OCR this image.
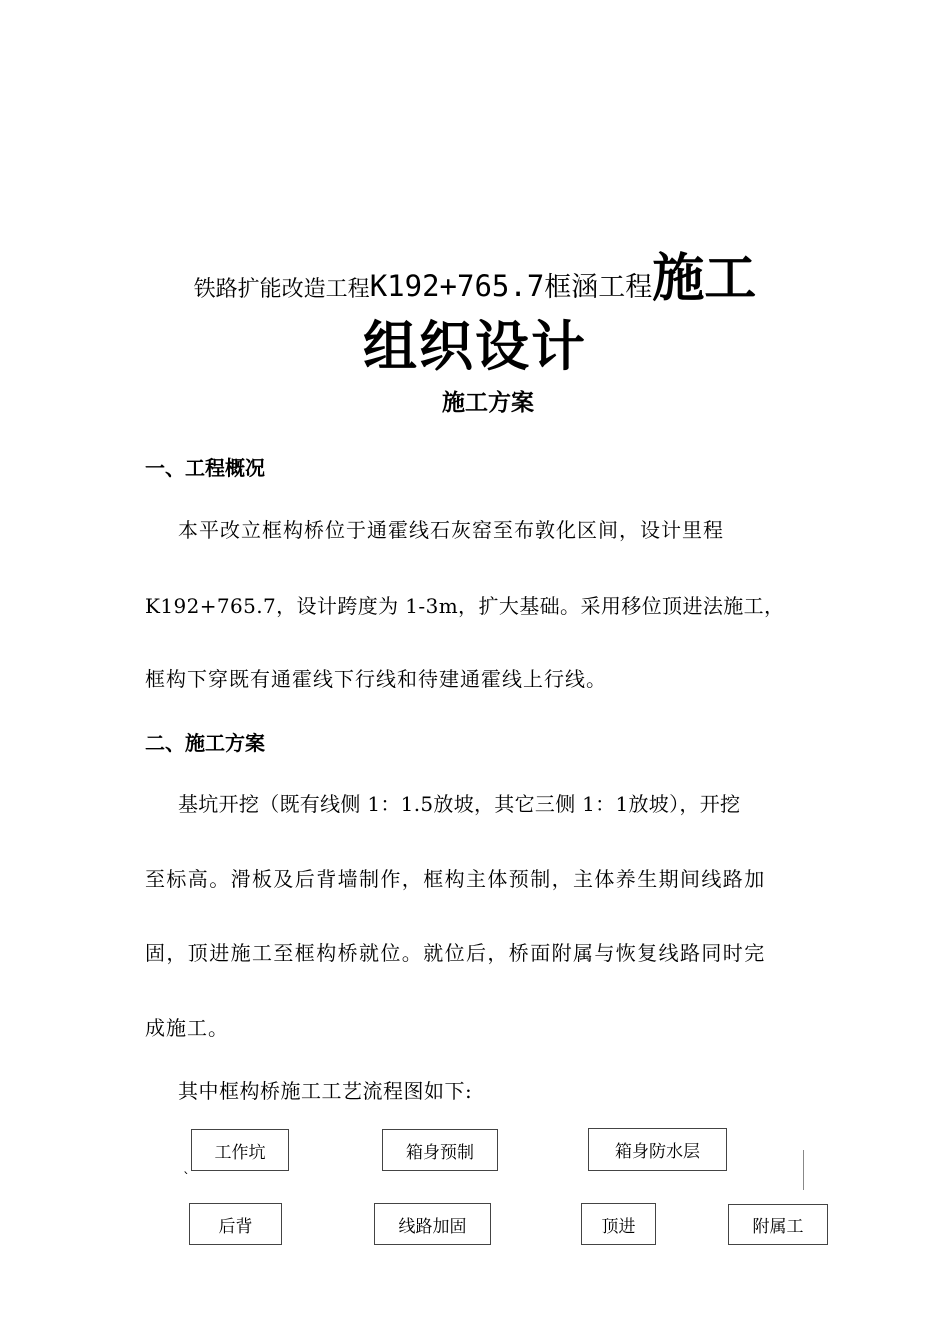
铁路扩能改造工程K192+765.7框涵工程施工
组织设计
施工方案
一、工程概况
本平改立框构桥位于通霍线石灰窑至布敦化区间，设计里程
K192+765.7，设计跨度为 1-3m，扩大基础。采用移位顶进法施工，
框构下穿既有通霍线下行线和待建通霍线上行线。
二、施工方案
基坑开挖（既有线侧 1：1.5放坡，其它三侧 1：1放坡），开挖
至标高。滑板及后背墙制作，框构主体预制，主体养生期间线路加
固，顶进施工至框构桥就位。就位后，桥面附属与恢复线路同时完
成施工。
其中框构桥施工工艺流程图如下:
工作坑	箱身预制	箱身防水层
`
后背	线路加固	顶进	附属工
